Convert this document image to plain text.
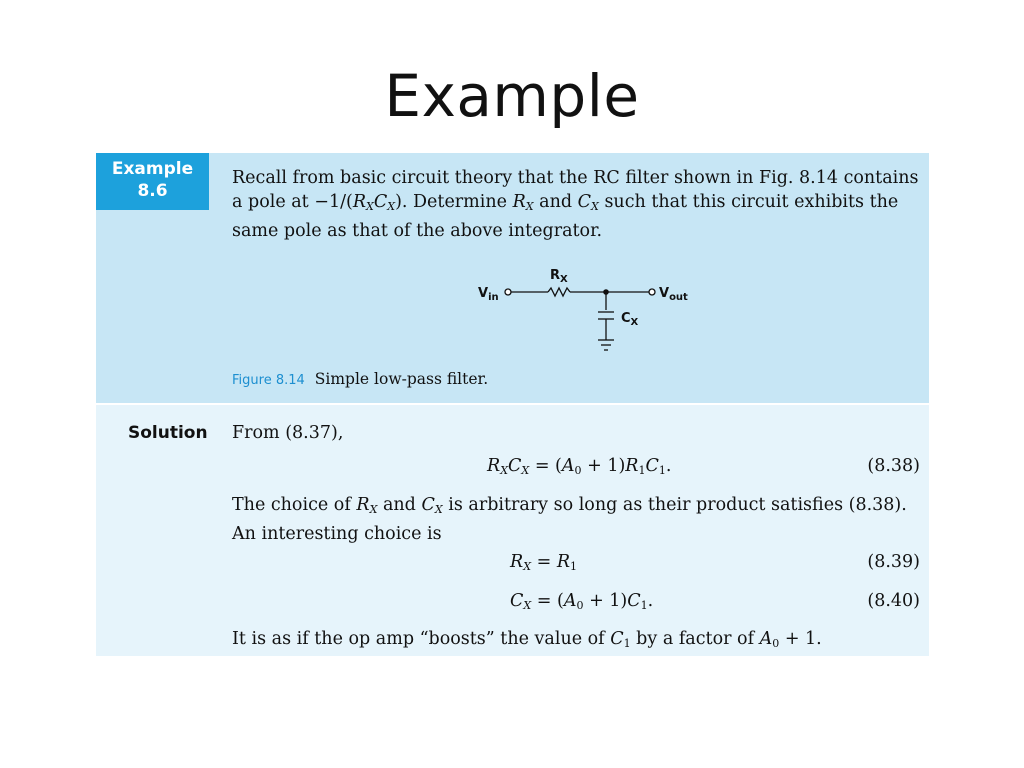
Example
Example
8.6
Recall from basic circuit theory that the RC filter shown in Fig. 8.14 contains a pole at $-1/(R_XC_X)$. Determine $R_X$ and $C_X$ such that this circuit exhibits the same pole as that of the above integrator.
$R_X$
$V_{in}$	$V_{out}$
$C_X$
Figure 8.14 Simple low-pass filter.
Solution From (8.37),
$R_XC_X = (A_0 + 1)R_1C_1$.	(8.38)
The choice of $R_X$ and $C_X$ is arbitrary so long as their product satisfies (8.38). An interesting choice is
$R_X = R_1$	(8.39)
$C_X = (A_0 + 1)C_1$.	(8.40)
It is as if the op amp “boosts” the value of $C_1$ by a factor of $A_0 + 1$.
